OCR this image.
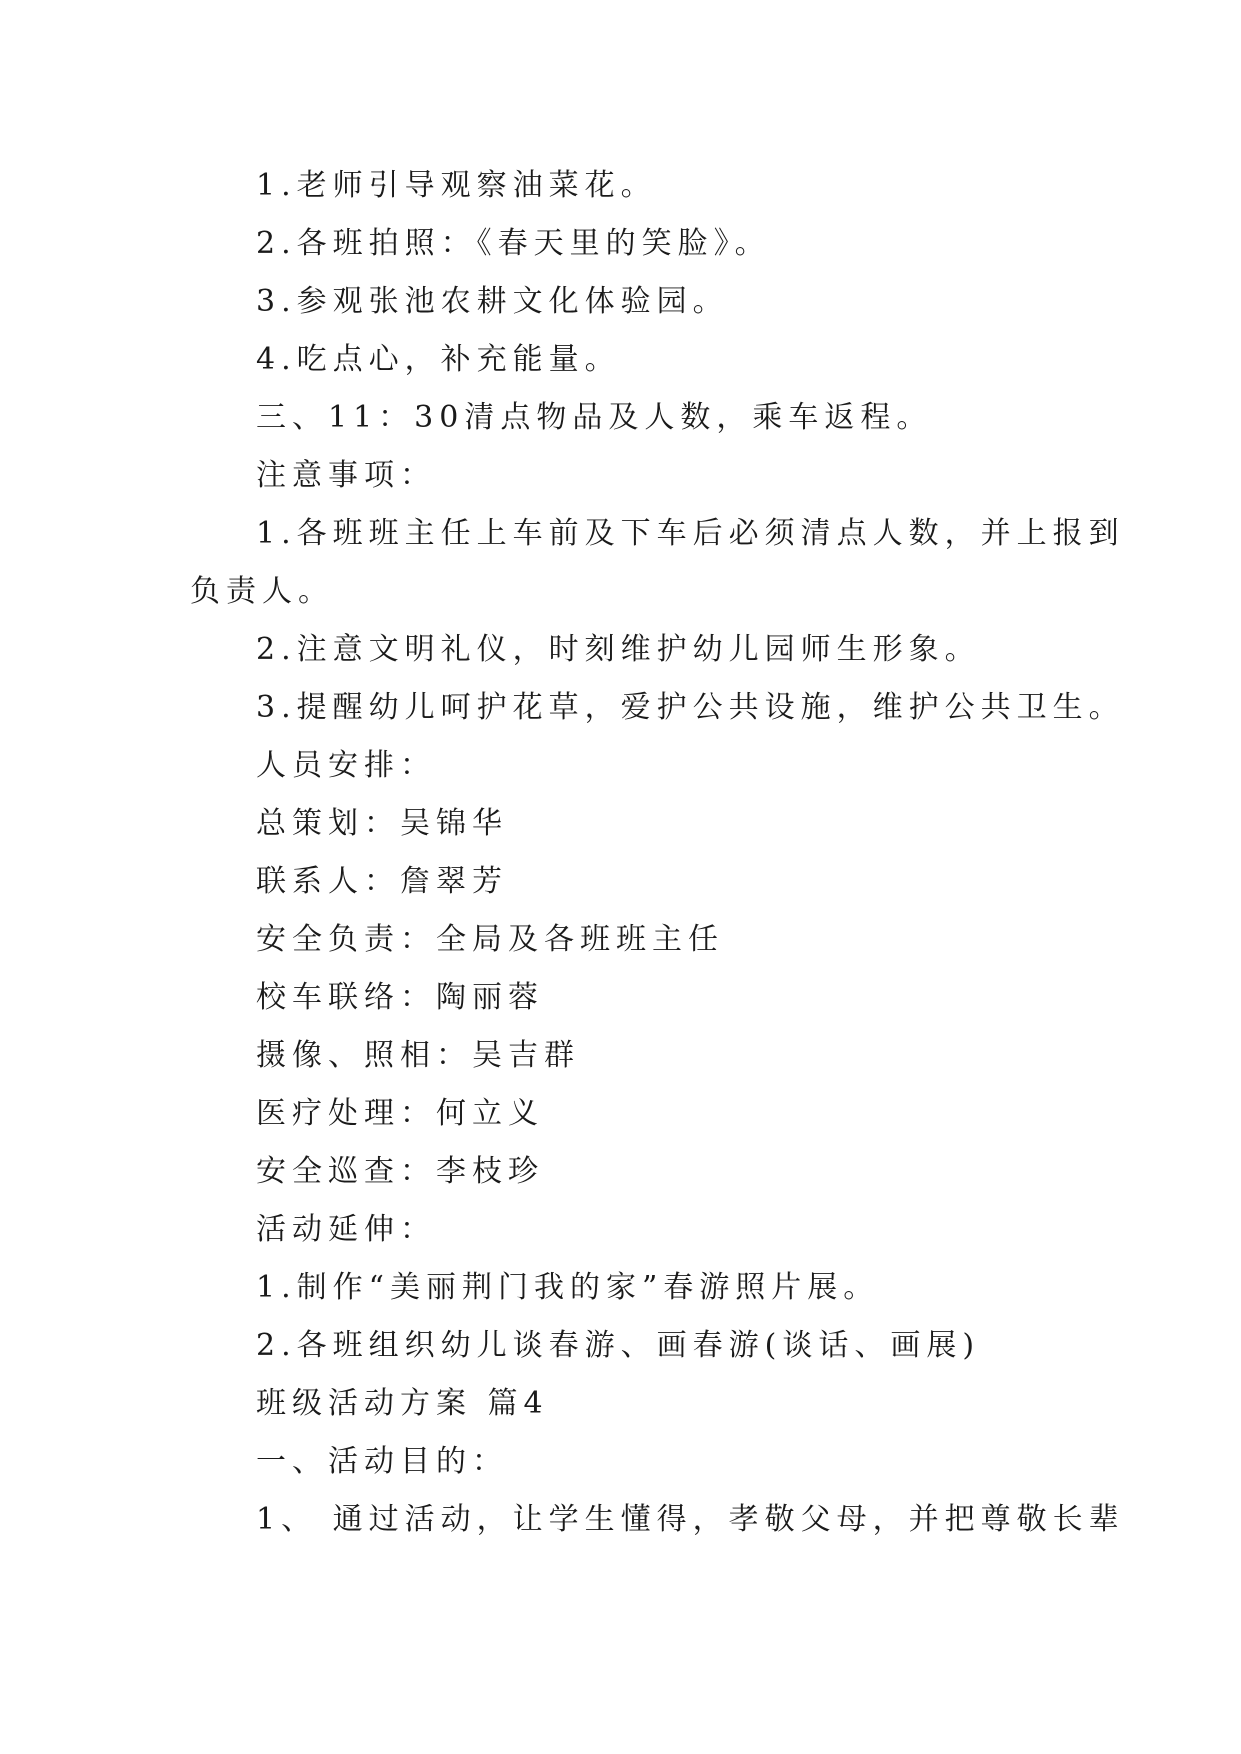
1.老师引导观察油菜花。
2.各班拍照：《春天里的笑脸》。
3.参观张池农耕文化体验园。
4.吃点心，补充能量。
三、11：30清点物品及人数，乘车返程。
注意事项：
1.各班班主任上车前及下车后必须清点人数，并上报到
负责人。
2.注意文明礼仪，时刻维护幼儿园师生形象。
3.提醒幼儿呵护花草，爱护公共设施，维护公共卫生。
人员安排：
总策划：吴锦华
联系人：詹翠芳
安全负责：全局及各班班主任
校车联络：陶丽蓉
摄像、照相：吴吉群
医疗处理：何立义
安全巡查：李枝珍
活动延伸：
1.制作“美丽荆门我的家”春游照片展。
2.各班组织幼儿谈春游、画春游(谈话、画展)
班级活动方案 篇4
一、活动目的：
1、 通过活动，让学生懂得，孝敬父母，并把尊敬长辈
